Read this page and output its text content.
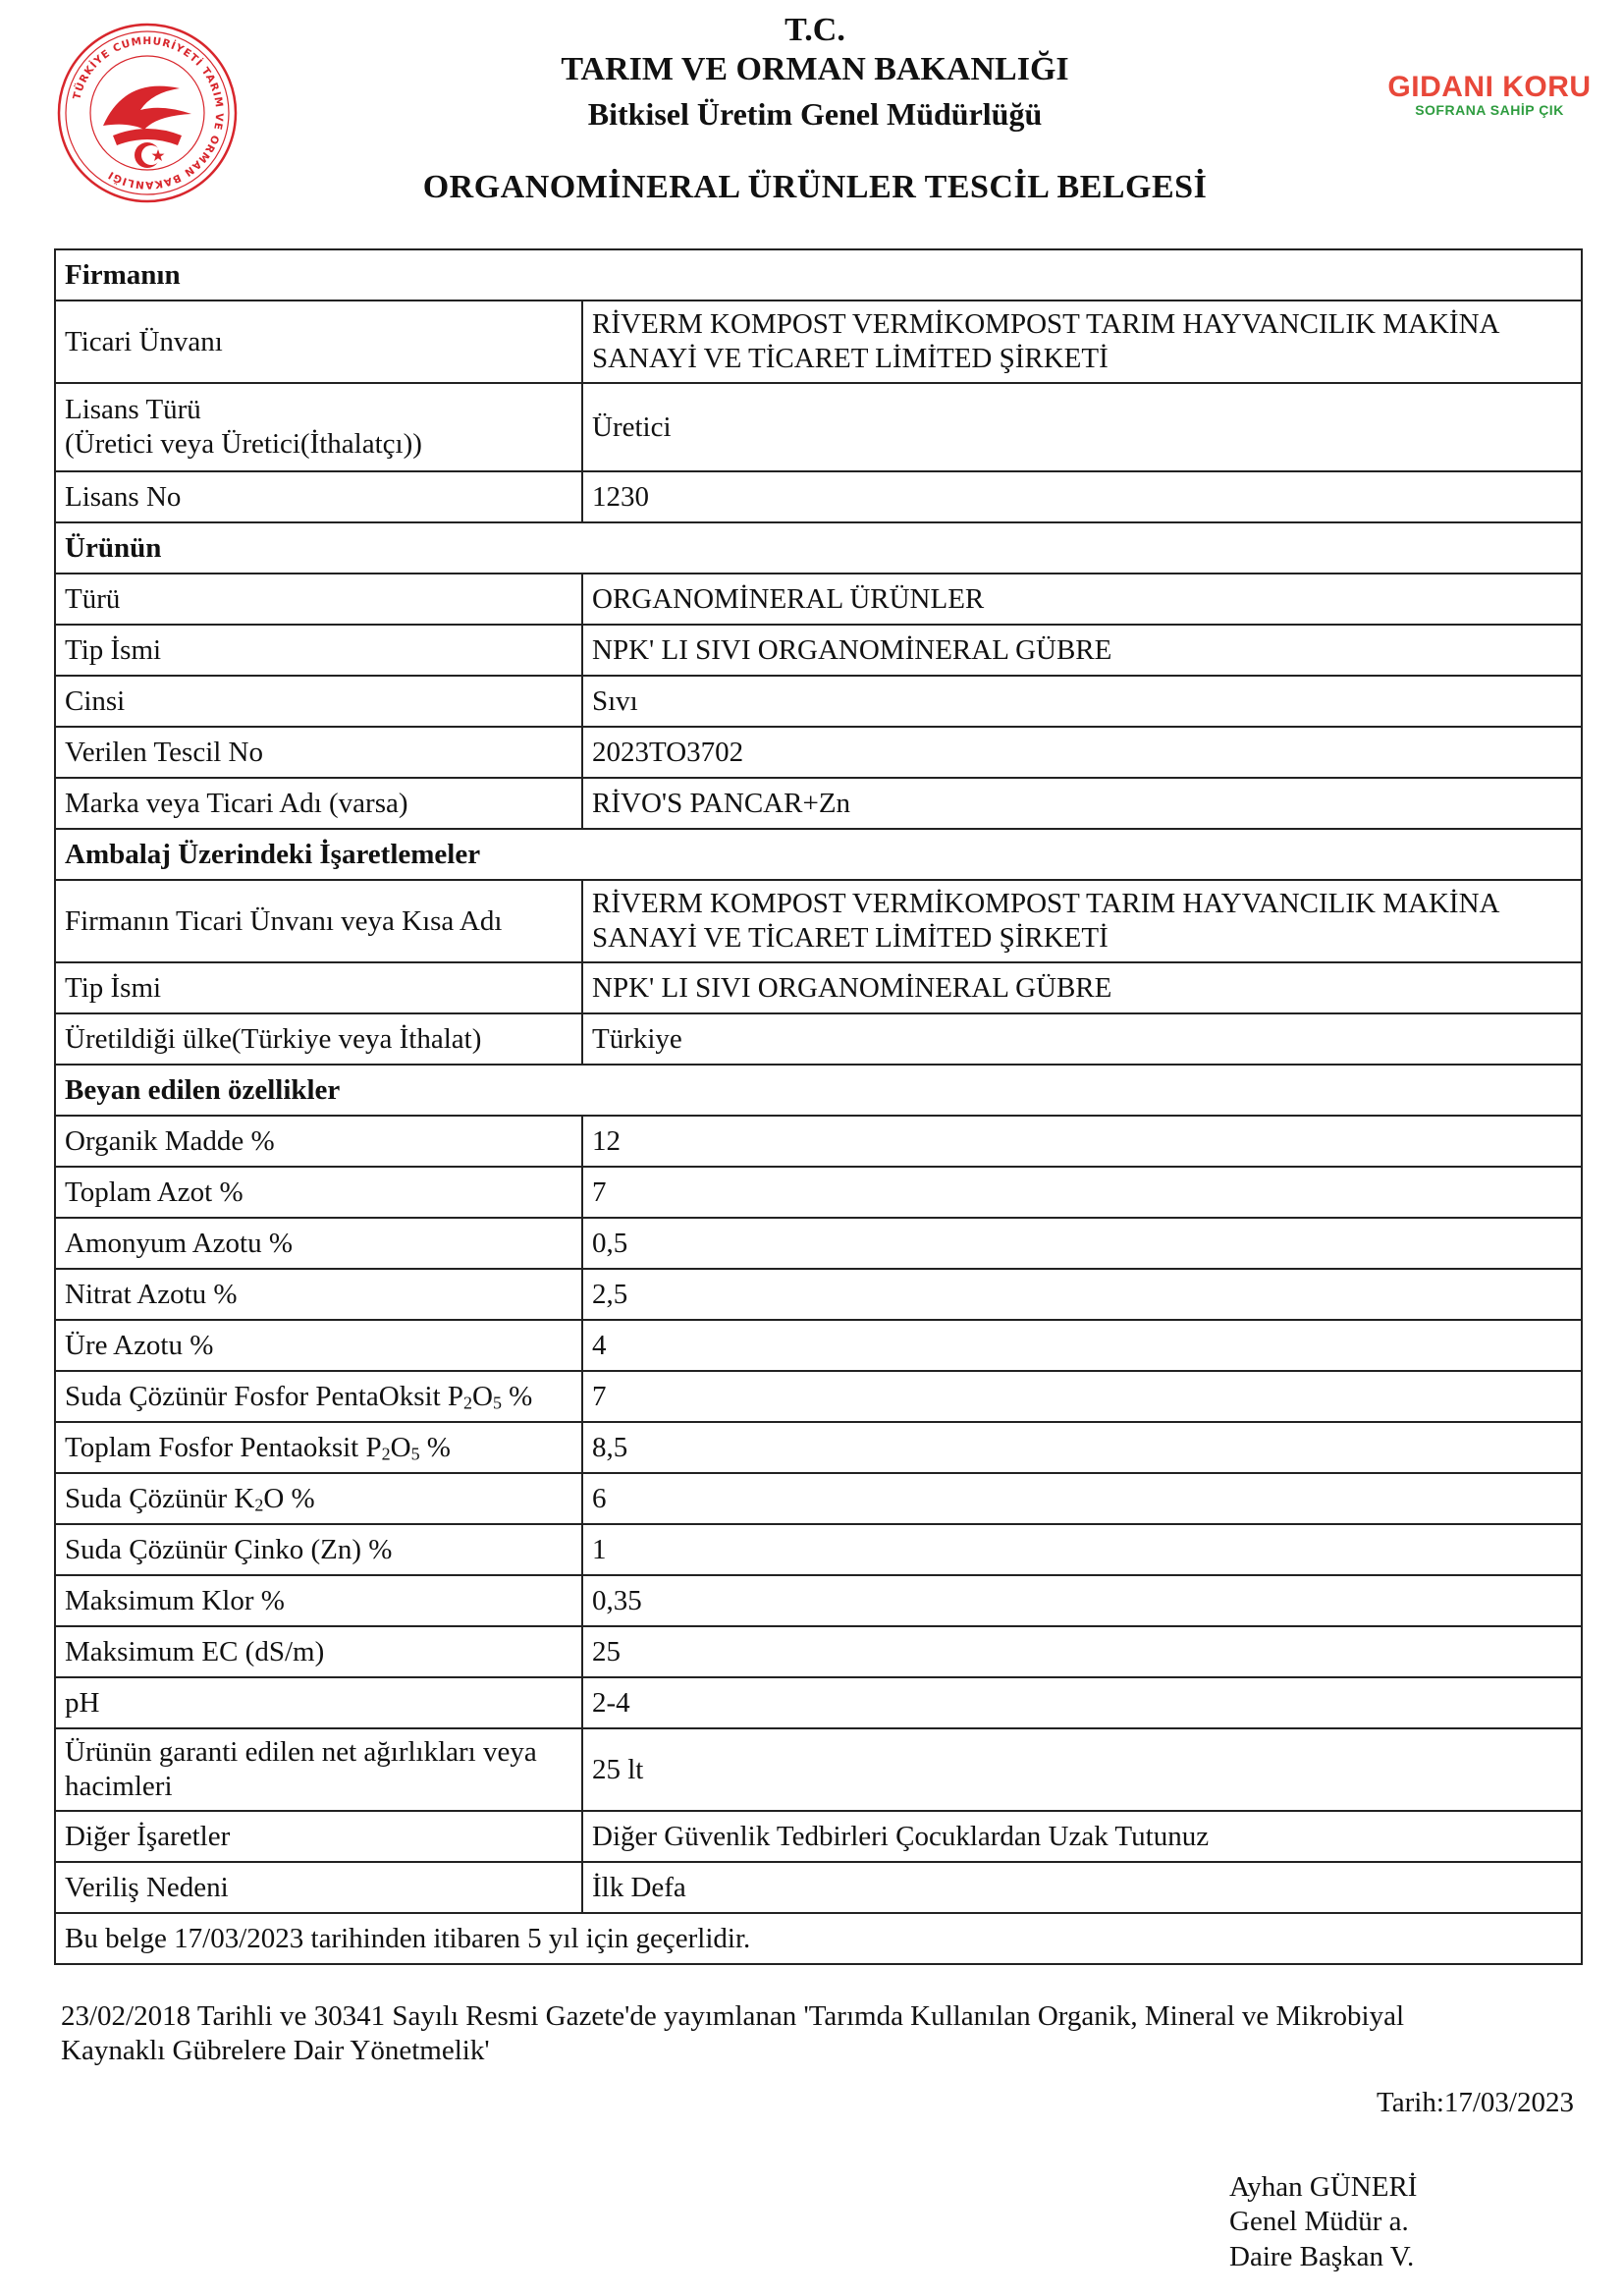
TÜRKİYE CUMHURİYETİ TARIM VE ORMAN BAKANLIĞI
T.C.
TARIM VE ORMAN BAKANLIĞI
Bitkisel Üretim Genel Müdürlüğü
ORGANOMİNERAL ÜRÜNLER TESCİL BELGESİ
GIDANI KORU
SOFRANA SAHİP ÇIK
Firmanın	
Ticari Ünvanı	RİVERM KOMPOST VERMİKOMPOST TARIM HAYVANCILIK MAKİNA
SANAYİ VE TİCARET LİMİTED ŞİRKETİ
Lisans Türü
(Üretici veya Üretici(İthalatçı))	Üretici
Lisans No	1230
Ürünün	
Türü	ORGANOMİNERAL ÜRÜNLER
Tip İsmi	NPK' LI SIVI ORGANOMİNERAL GÜBRE
Cinsi	Sıvı
Verilen Tescil No	2023TO3702
Marka veya Ticari Adı (varsa)	RİVO'S PANCAR+Zn
Ambalaj Üzerindeki İşaretlemeler	
Firmanın Ticari Ünvanı veya Kısa Adı	RİVERM KOMPOST VERMİKOMPOST TARIM HAYVANCILIK MAKİNA
SANAYİ VE TİCARET LİMİTED ŞİRKETİ
Tip İsmi	NPK' LI SIVI ORGANOMİNERAL GÜBRE
Üretildiği ülke(Türkiye veya İthalat)	Türkiye
Beyan edilen özellikler	
Organik Madde %	12
Toplam Azot %	7
Amonyum Azotu %	0,5
Nitrat Azotu %	2,5
Üre Azotu %	4
Suda Çözünür Fosfor PentaOksit $P_2O_5$ %	7
Toplam Fosfor Pentaoksit $P_2O_5$ %	8,5
Suda Çözünür $K_2O$ %	6
Suda Çözünür Çinko (Zn) %	1
Maksimum Klor %	0,35
Maksimum EC (dS/m)	25
pH	2-4
Ürünün garanti edilen net ağırlıkları veya
hacimleri	25 lt
Diğer İşaretler	Diğer Güvenlik Tedbirleri Çocuklardan Uzak Tutunuz
Veriliş Nedeni	İlk Defa
Bu belge 17/03/2023 tarihinden itibaren 5 yıl için geçerlidir.	
23/02/2018 Tarihli ve 30341 Sayılı Resmi Gazete'de yayımlanan 'Tarımda Kullanılan Organik, Mineral ve Mikrobiyal
Kaynaklı Gübrelere Dair Yönetmelik'
Tarih:17/03/2023
Ayhan GÜNERİ
Genel Müdür a.
Daire Başkan V.
